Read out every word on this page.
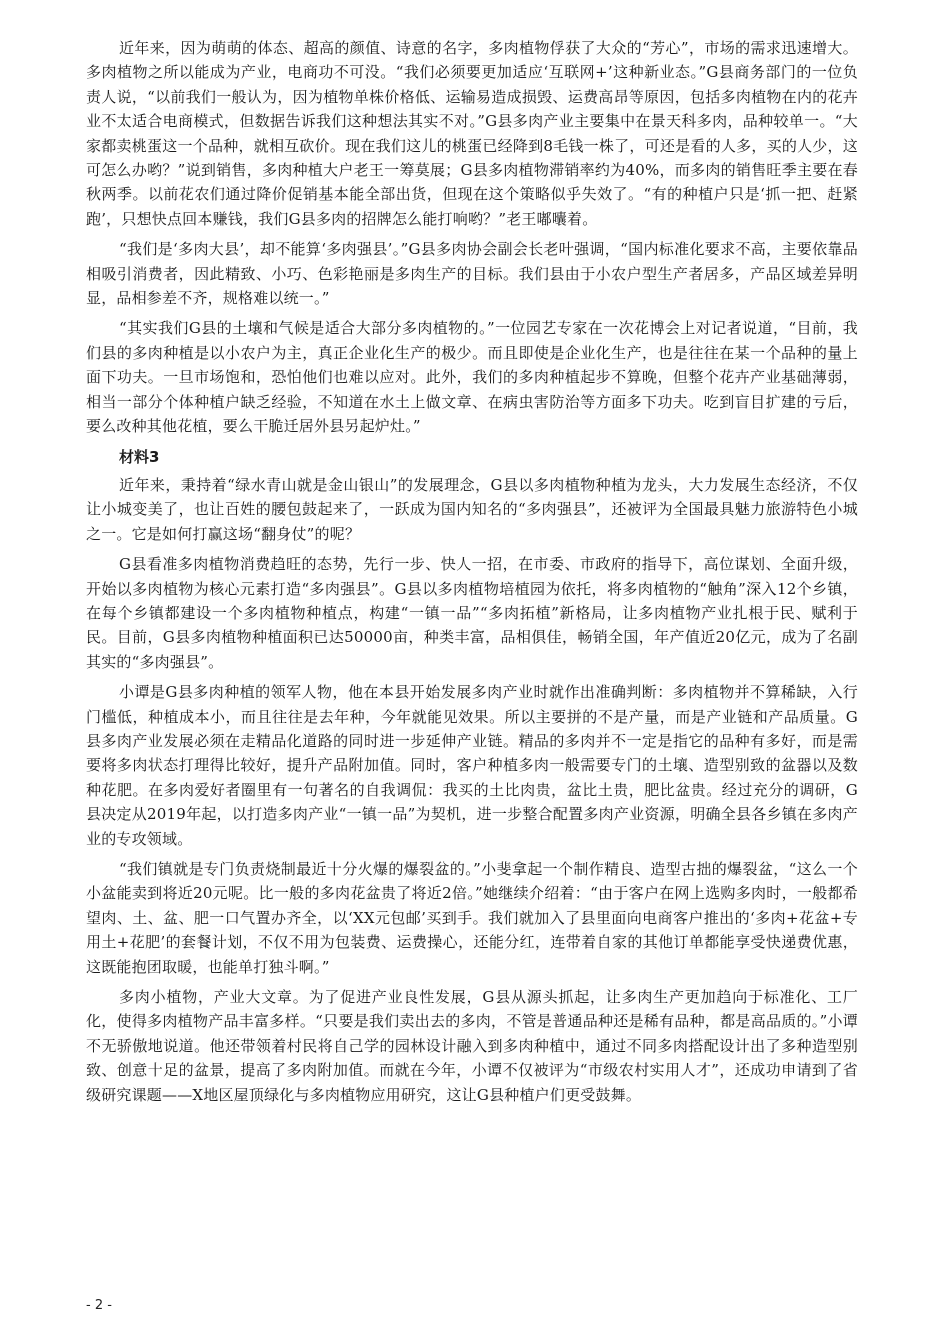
近年来，因为萌萌的体态、超高的颜值、诗意的名字，多肉植物俘获了大众的“芳心”，市场的需求迅速增大。多肉植物之所以能成为产业，电商功不可没。“我们必须要更加适应‘互联网+’这种新业态。”G县商务部门的一位负责人说，“以前我们一般认为，因为植物单株价格低、运输易造成损毁、运费高昂等原因，包括多肉植物在内的花卉业不太适合电商模式，但数据告诉我们这种想法其实不对。”G县多肉产业主要集中在景天科多肉，品种较单一。“大家都卖桃蛋这一个品种，就相互砍价。现在我们这儿的桃蛋已经降到8毛钱一株了，可还是看的人多，买的人少，这可怎么办哟？”说到销售，多肉种植大户老王一筹莫展；G县多肉植物滞销率约为40%，而多肉的销售旺季主要在春秋两季。以前花农们通过降价促销基本能全部出货，但现在这个策略似乎失效了。“有的种植户只是‘抓一把、赶紧跑’，只想快点回本赚钱，我们G县多肉的招牌怎么能打响哟？”老王嘟囔着。

“我们是‘多肉大县’，却不能算‘多肉强县’。”G县多肉协会副会长老叶强调，“国内标准化要求不高，主要依靠品相吸引消费者，因此精致、小巧、色彩艳丽是多肉生产的目标。我们县由于小农户型生产者居多，产品区域差异明显，品相参差不齐，规格难以统一。”

“其实我们G县的土壤和气候是适合大部分多肉植物的。”一位园艺专家在一次花博会上对记者说道，“目前，我们县的多肉种植是以小农户为主，真正企业化生产的极少。而且即使是企业化生产，也是往往在某一个品种的量上面下功夫。一旦市场饱和，恐怕他们也难以应对。此外，我们的多肉种植起步不算晚，但整个花卉产业基础薄弱，相当一部分个体种植户缺乏经验，不知道在水土上做文章、在病虫害防治等方面多下功夫。吃到盲目扩建的亏后，要么改种其他花植，要么干脆迁居外县另起炉灶。”

材料3

近年来，秉持着“绿水青山就是金山银山”的发展理念，G县以多肉植物种植为龙头，大力发展生态经济，不仅让小城变美了，也让百姓的腰包鼓起来了，一跃成为国内知名的“多肉强县”，还被评为全国最具魅力旅游特色小城之一。它是如何打赢这场“翻身仗”的呢？

G县看准多肉植物消费趋旺的态势，先行一步、快人一招，在市委、市政府的指导下，高位谋划、全面升级，开始以多肉植物为核心元素打造“多肉强县”。G县以多肉植物培植园为依托，将多肉植物的“触角”深入12个乡镇，在每个乡镇都建设一个多肉植物种植点，构建“一镇一品”“多肉拓植”新格局，让多肉植物产业扎根于民、赋利于民。目前，G县多肉植物种植面积已达50000亩，种类丰富，品相俱佳，畅销全国，年产值近20亿元，成为了名副其实的“多肉强县”。

小谭是G县多肉种植的领军人物，他在本县开始发展多肉产业时就作出准确判断：多肉植物并不算稀缺，入行门槛低，种植成本小，而且往往是去年种，今年就能见效果。所以主要拼的不是产量，而是产业链和产品质量。G县多肉产业发展必须在走精品化道路的同时进一步延伸产业链。精品的多肉并不一定是指它的品种有多好，而是需要将多肉状态打理得比较好，提升产品附加值。同时，客户种植多肉一般需要专门的土壤、造型别致的盆器以及数种花肥。在多肉爱好者圈里有一句著名的自我调侃：我买的土比肉贵，盆比土贵，肥比盆贵。经过充分的调研，G县决定从2019年起，以打造多肉产业“一镇一品”为契机，进一步整合配置多肉产业资源，明确全县各乡镇在多肉产业的专攻领域。

“我们镇就是专门负责烧制最近十分火爆的爆裂盆的。”小斐拿起一个制作精良、造型古拙的爆裂盆，“这么一个小盆能卖到将近20元呢。比一般的多肉花盆贵了将近2倍。”她继续介绍着：“由于客户在网上选购多肉时，一般都希望肉、土、盆、肥一口气置办齐全，以‘XX元包邮’买到手。我们就加入了县里面向电商客户推出的‘多肉+花盆+专用土+花肥’的套餐计划，不仅不用为包装费、运费操心，还能分红，连带着自家的其他订单都能享受快递费优惠，这既能抱团取暖，也能单打独斗啊。”

多肉小植物，产业大文章。为了促进产业良性发展，G县从源头抓起，让多肉生产更加趋向于标准化、工厂化，使得多肉植物产品丰富多样。“只要是我们卖出去的多肉，不管是普通品种还是稀有品种，都是高品质的。”小谭不无骄傲地说道。他还带领着村民将自己学的园林设计融入到多肉种植中，通过不同多肉搭配设计出了多种造型别致、创意十足的盆景，提高了多肉附加值。而就在今年，小谭不仅被评为“市级农村实用人才”，还成功申请到了省级研究课题——X地区屋顶绿化与多肉植物应用研究，这让G县种植户们更受鼓舞。

- 2 -
